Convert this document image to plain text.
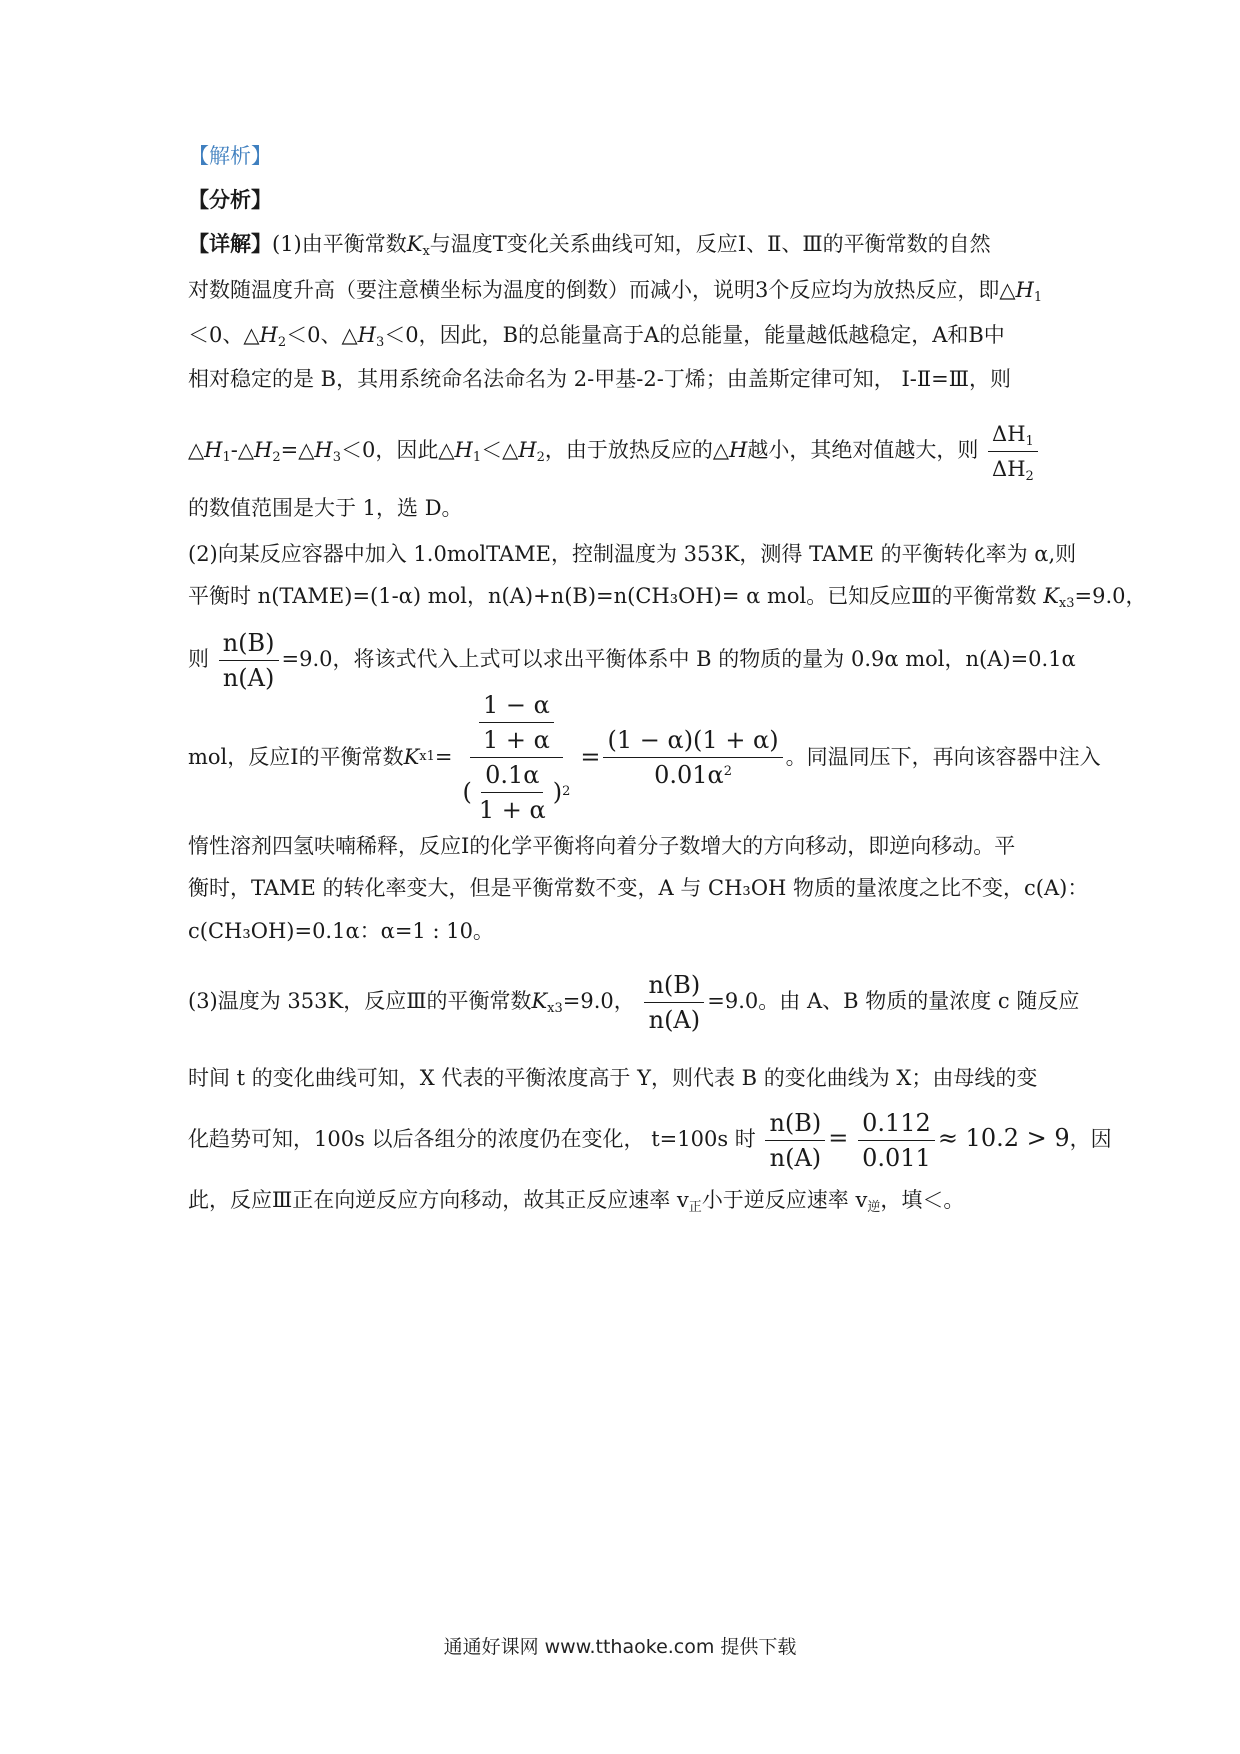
【解析】
【分析】
【详解】(1)由平衡常数$K_x$与温度T变化关系曲线可知，反应Ⅰ、Ⅱ、Ⅲ的平衡常数的自然
对数随温度升高（要注意横坐标为温度的倒数）而减小，说明3个反应均为放热反应，即$\triangle H_1$
＜0、$\triangle H_2<0$、$\triangle H_3<0$，因此，B的总能量高于A的总能量，能量越低越稳定，A和B中
相对稳定的是 B，其用系统命名法命名为 2-甲基-2-丁烯；由盖斯定律可知， Ⅰ-Ⅱ=Ⅲ，则
$\triangle H_1-\triangle H_2=\triangle H_3<0$，因此$\triangle H_1<\triangle H_2$，由于放热反应的△H越小，其绝对值越大，则 $\frac{\Delta H_1}{\Delta H_2}$
的数值范围是大于 1，选 D。
(2)向某反应容器中加入 1.0molTAME，控制温度为 353K，测得 TAME 的平衡转化率为 α,则
平衡时 n(TAME)=(1-α) mol，n(A)+n(B)=n(CH₃OH)= α mol。已知反应Ⅲ的平衡常数 $K_{x3}=9.0$，
则 $\frac{n(B)}{n(A)} =9.0$，将该式代入上式可以求出平衡体系中 B 的物质的量为 0.9α mol，n(A)=0.1α
mol，反应Ⅰ的平衡常数 K $x1 = \frac{\frac{1 - \alpha}{1 + \alpha}}{( \frac{0.1\alpha}{1 + \alpha} ) 2} = \frac{(1 - \alpha)(1 + \alpha)}{0.01\alpha^2}$ 。同温同压下，再向该容器中注入
惰性溶剂四氢呋喃稀释，反应Ⅰ的化学平衡将向着分子数增大的方向移动，即逆向移动。平
衡时，TAME 的转化率变大，但是平衡常数不变，A 与 CH₃OH 物质的量浓度之比不变，c(A)：
c(CH₃OH)=0.1α：α=1 : 10。
(3)温度为 353K，反应Ⅲ的平衡常数$K_{x3}=9.0$， $\frac{n(B)}{n(A)} =9.0$。由 A、B 物质的量浓度 c 随反应
时间 t 的变化曲线可知，X 代表的平衡浓度高于 Y，则代表 B 的变化曲线为 X；由母线的变
化趋势可知，100s 以后各组分的浓度仍在变化， t=100s 时 $\frac{n(B)}{n(A)} = \frac{0.112}{0.011} \approx 10.2 > 9$，因
此，反应Ⅲ正在向逆反应方向移动，故其正反应速率 $v_正$小于逆反应速率 $v_逆$，填＜。
通通好课网 www.tthaoke.com 提供下载
